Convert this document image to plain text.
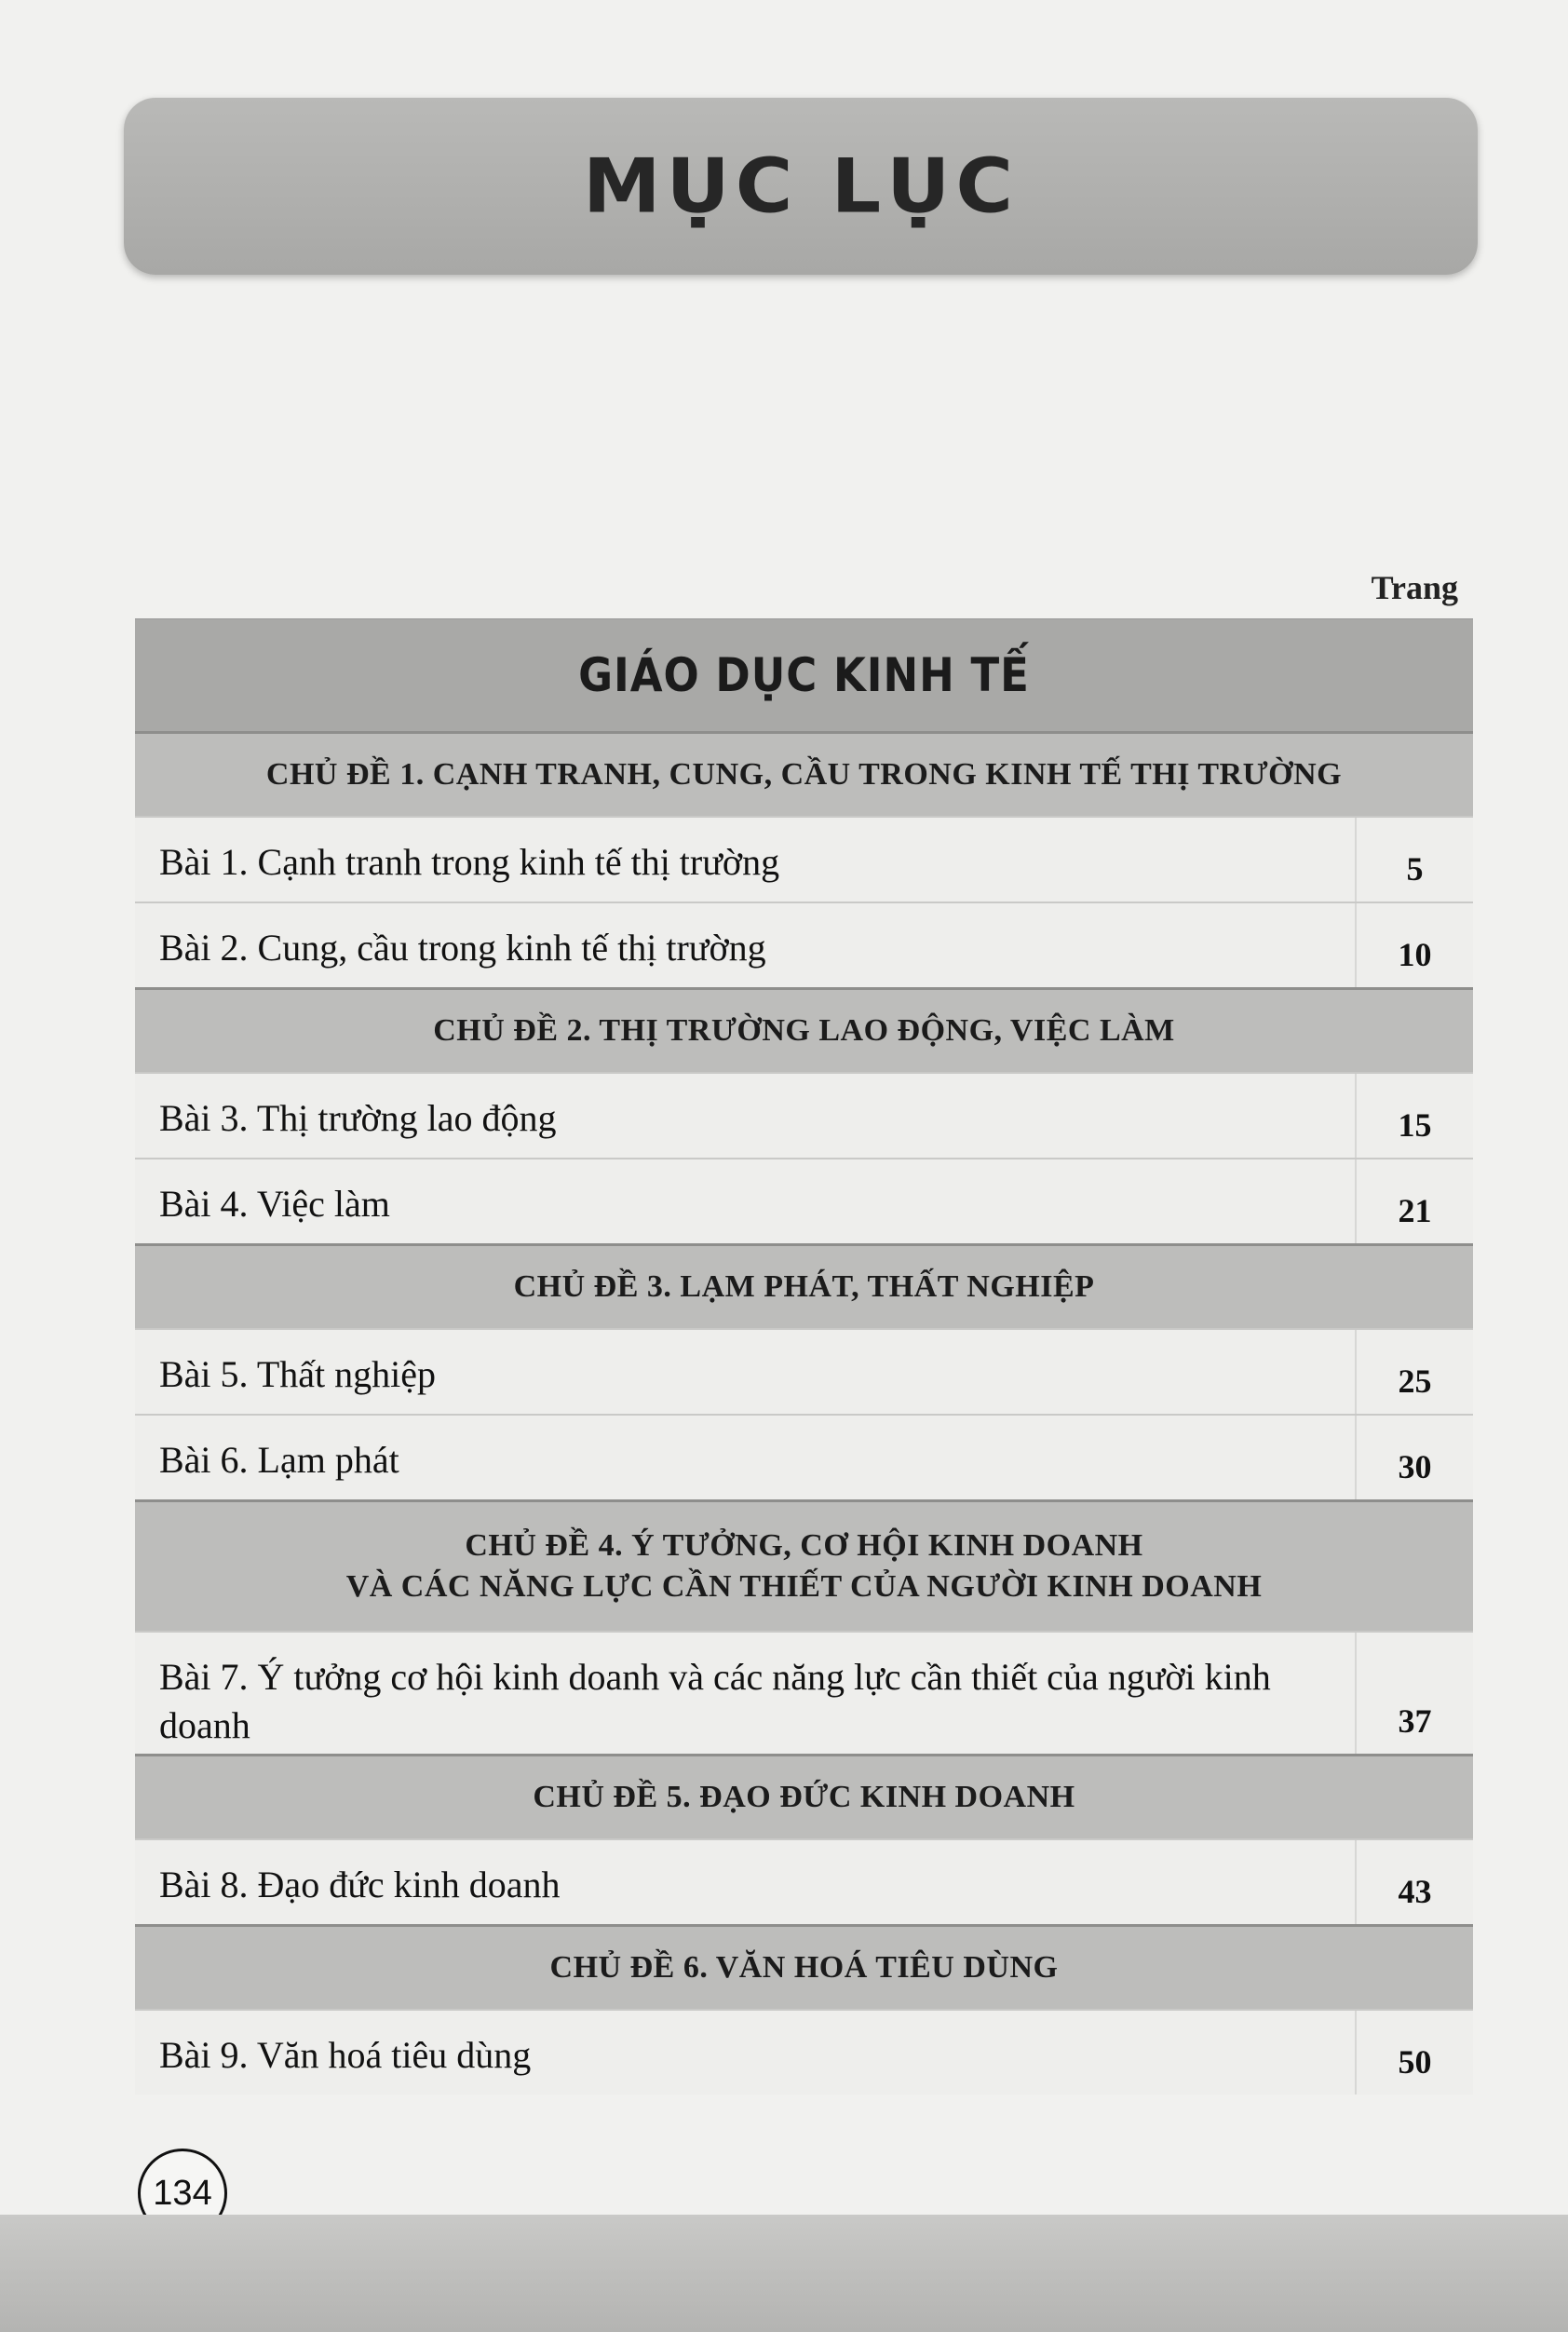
MỤC LỤC
Trang
GIÁO DỤC KINH TẾ
CHỦ ĐỀ 1. CẠNH TRANH, CUNG, CẦU TRONG KINH TẾ THỊ TRƯỜNG
Bài 1. Cạnh tranh trong kinh tế thị trường	5
Bài 2. Cung, cầu trong kinh tế thị trường	10
CHỦ ĐỀ 2. THỊ TRƯỜNG LAO ĐỘNG, VIỆC LÀM
Bài 3. Thị trường lao động	15
Bài 4. Việc làm	21
CHỦ ĐỀ 3. LẠM PHÁT, THẤT NGHIỆP
Bài 5. Thất nghiệp	25
Bài 6. Lạm phát	30
CHỦ ĐỀ 4. Ý TƯỞNG, CƠ HỘI KINH DOANH
VÀ CÁC NĂNG LỰC CẦN THIẾT CỦA NGƯỜI KINH DOANH
Bài 7. Ý tưởng cơ hội kinh doanh và các năng lực cần thiết của người kinh doanh	37
CHỦ ĐỀ 5. ĐẠO ĐỨC KINH DOANH
Bài 8. Đạo đức kinh doanh	43
CHỦ ĐỀ 6. VĂN HOÁ TIÊU DÙNG
Bài 9. Văn hoá tiêu dùng	50
134
